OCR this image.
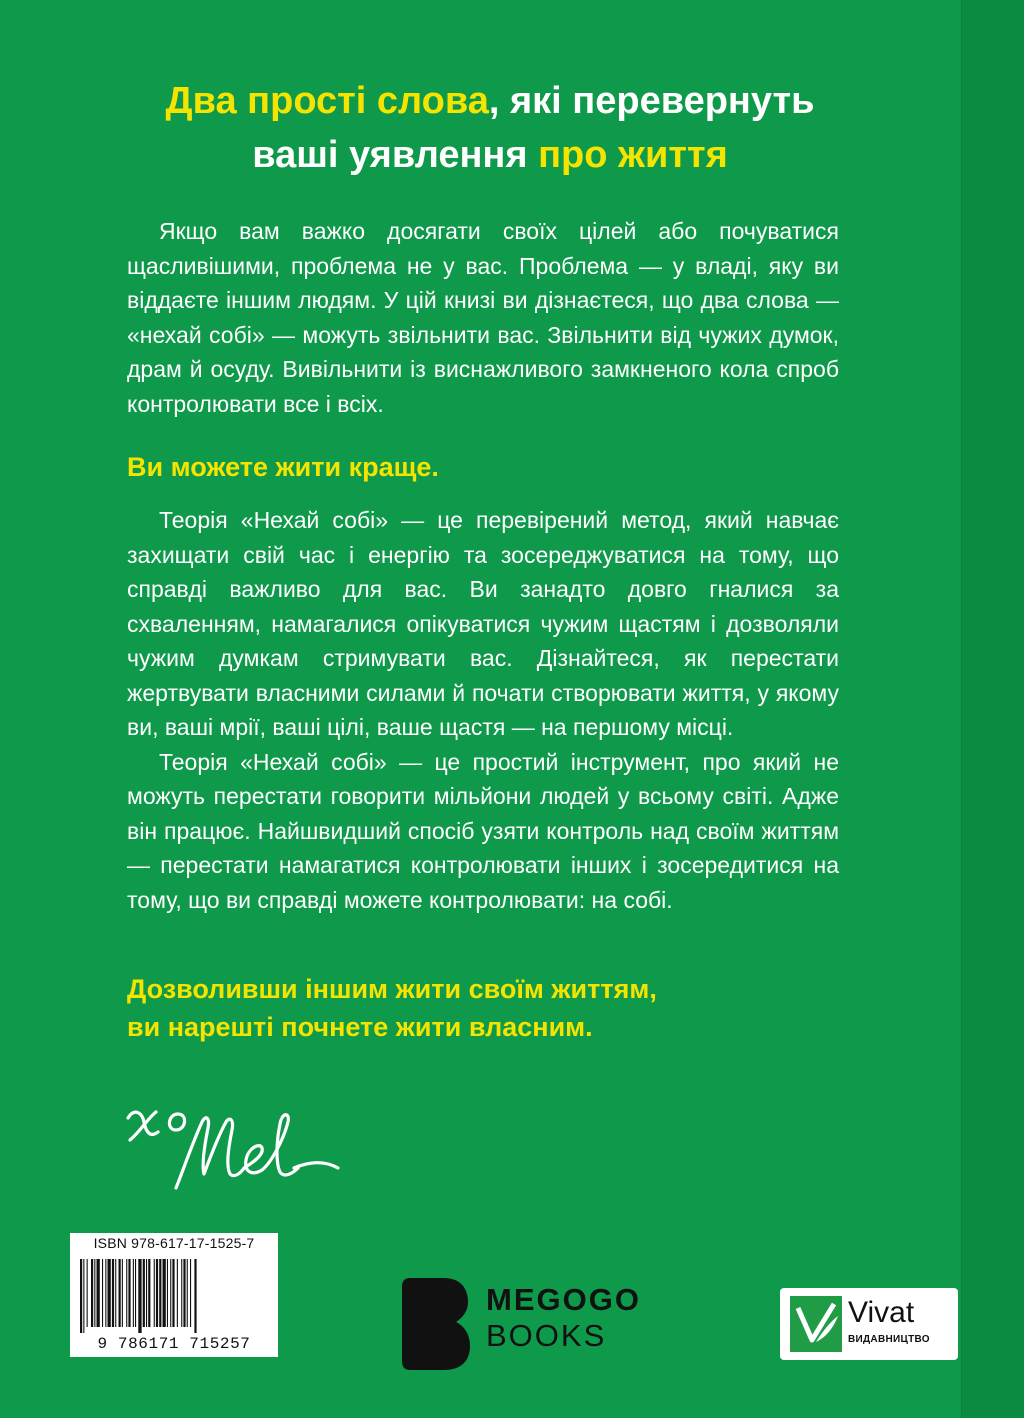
Два прості слова, які перевернуть
ваші уявлення про життя

Якщо вам важко досягати своїх цілей або почуватися щасливішими, проблема не у вас. Проблема — у владі, яку ви віддаєте іншим людям. У цій книзі ви дізнаєтеся, що два слова — «нехай собі» — можуть звільнити вас. Звільнити від чужих думок, драм й осуду. Вивільнити із виснажливого замкненого кола спроб контролювати все і всіх.

Ви можете жити краще.

Теорія «Нехай собі» — це перевірений метод, який навчає захищати свій час і енергію та зосереджуватися на тому, що справді важливо для вас. Ви занадто довго гналися за схваленням, намагалися опікуватися чужим щастям і дозволяли чужим думкам стримувати вас. Дізнайтеся, як перестати жертвувати власними силами й почати створювати життя, у якому ви, ваші мрії, ваші цілі, ваше щастя — на першому місці.

Теорія «Нехай собі» — це простий інструмент, про який не можуть перестати говорити мільйони людей у всьому світі. Адже він працює. Найшвидший спосіб узяти контроль над своїм життям — перестати намагатися контролювати інших і зосередитися на тому, що ви справді можете контролювати: на собі.

Дозволивши іншим жити своїм життям,
ви нарешті почнете жити власним.
ISBN 978-617-17-1525-7
9 786171 715257
MEGOGO
BOOKS
Vivat
ВИДАВНИЦТВО
